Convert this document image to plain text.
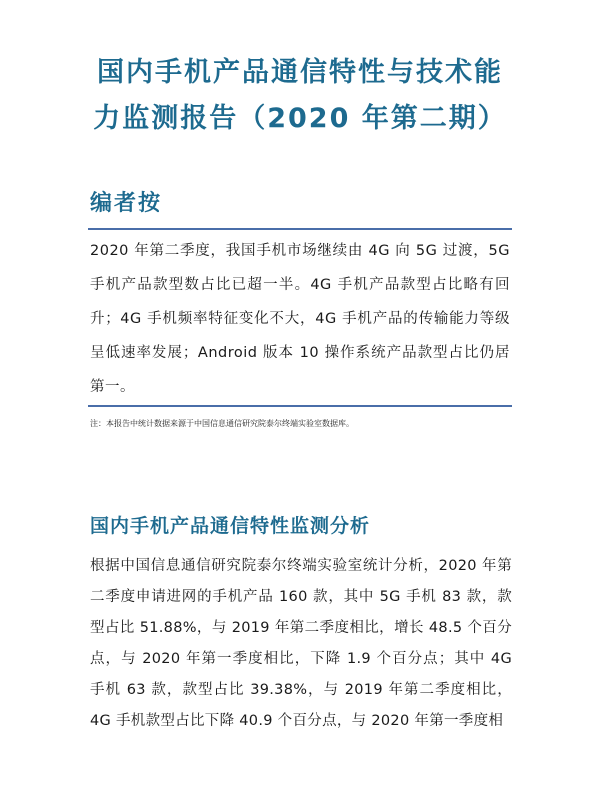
国内手机产品通信特性与技术能
力监测报告（2020 年第二期）
编者按

2020 年第二季度，我国手机市场继续由 4G 向 5G 过渡，5G 手机产品款型数占比已超一半。4G 手机产品款型占比略有回升；4G 手机频率特征变化不大，4G 手机产品的传输能力等级呈低速率发展；Android 版本 10 操作系统产品款型占比仍居第一。

注：本报告中统计数据来源于中国信息通信研究院泰尔终端实验室数据库。

国内手机产品通信特性监测分析

根据中国信息通信研究院泰尔终端实验室统计分析，2020 年第二季度申请进网的手机产品 160 款，其中 5G 手机 83 款，款型占比 51.88%，与 2019 年第二季度相比，增长 48.5 个百分点，与 2020 年第一季度相比，下降 1.9 个百分点；其中 4G 手机 63 款，款型占比 39.38%，与 2019 年第二季度相比，4G 手机款型占比下降 40.9 个百分点，与 2020 年第一季度相
